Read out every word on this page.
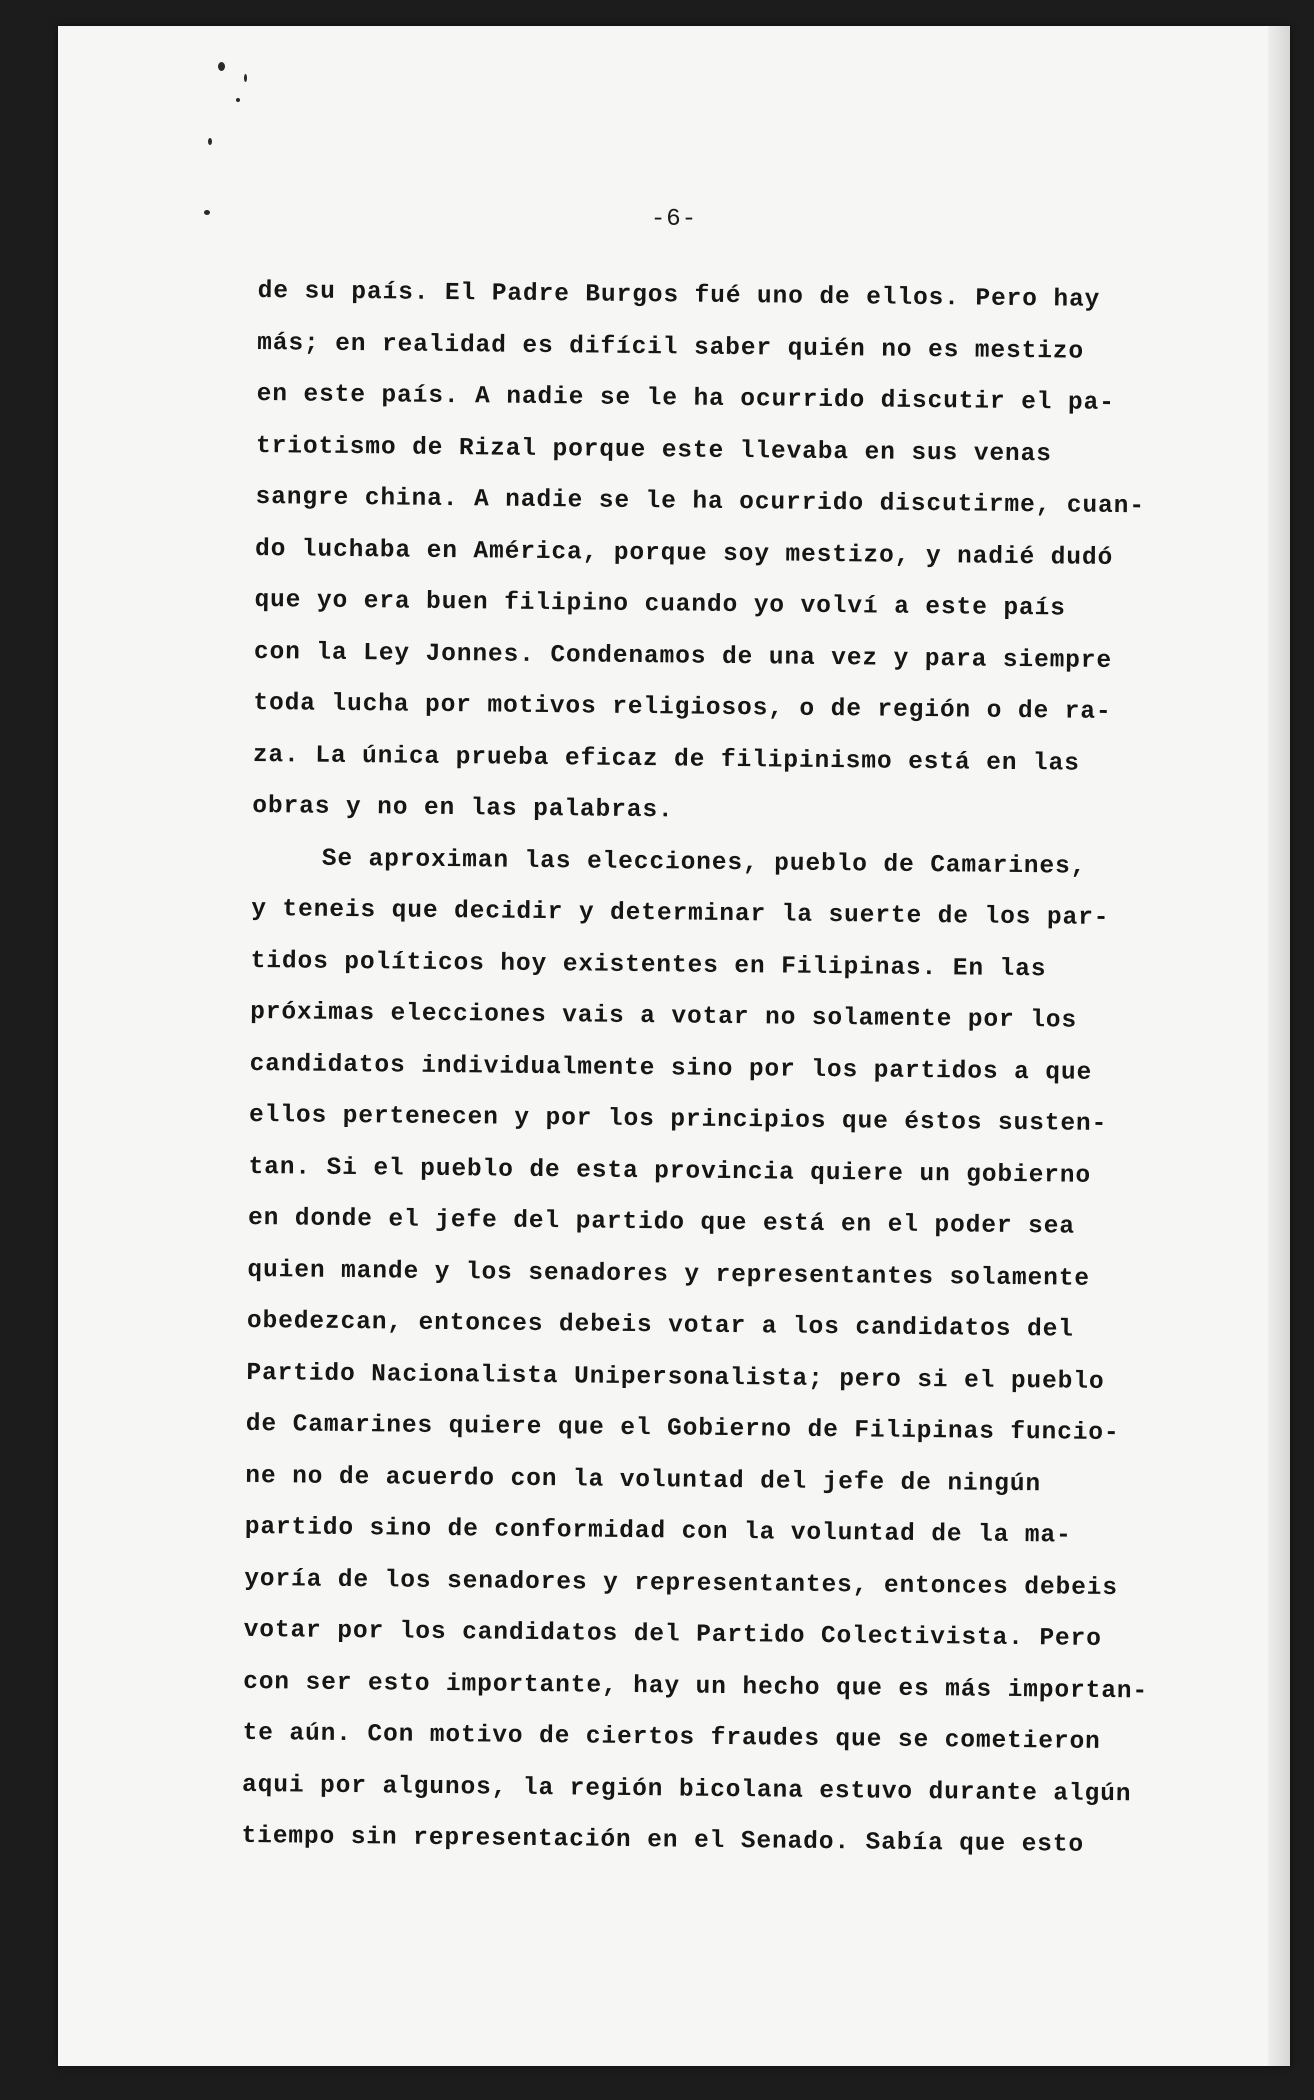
-6-
de su país. El Padre Burgos fué uno de ellos. Pero hay
más; en realidad es difícil saber quién no es mestizo
en este país. A nadie se le ha ocurrido discutir el pa-
triotismo de Rizal porque este llevaba en sus venas
sangre china. A nadie se le ha ocurrido discutirme, cuan-
do luchaba en América, porque soy mestizo, y nadié dudó
que yo era buen filipino cuando yo volví a este país
con la Ley Jonnes. Condenamos de una vez y para siempre
toda lucha por motivos religiosos, o de región o de ra-
za. La única prueba eficaz de filipinismo está en las
obras y no en las palabras.
Se aproximan las elecciones, pueblo de Camarines,
y teneis que decidir y determinar la suerte de los par-
tidos políticos hoy existentes en Filipinas. En las
próximas elecciones vais a votar no solamente por los
candidatos individualmente sino por los partidos a que
ellos pertenecen y por los principios que éstos susten-
tan. Si el pueblo de esta provincia quiere un gobierno
en donde el jefe del partido que está en el poder sea
quien mande y los senadores y representantes solamente
obedezcan, entonces debeis votar a los candidatos del
Partido Nacionalista Unipersonalista; pero si el pueblo
de Camarines quiere que el Gobierno de Filipinas funcio-
ne no de acuerdo con la voluntad del jefe de ningún
partido sino de conformidad con la voluntad de la ma-
yoría de los senadores y representantes, entonces debeis
votar por los candidatos del Partido Colectivista. Pero
con ser esto importante, hay un hecho que es más importan-
te aún. Con motivo de ciertos fraudes que se cometieron
aqui por algunos, la región bicolana estuvo durante algún
tiempo sin representación en el Senado. Sabía que esto
